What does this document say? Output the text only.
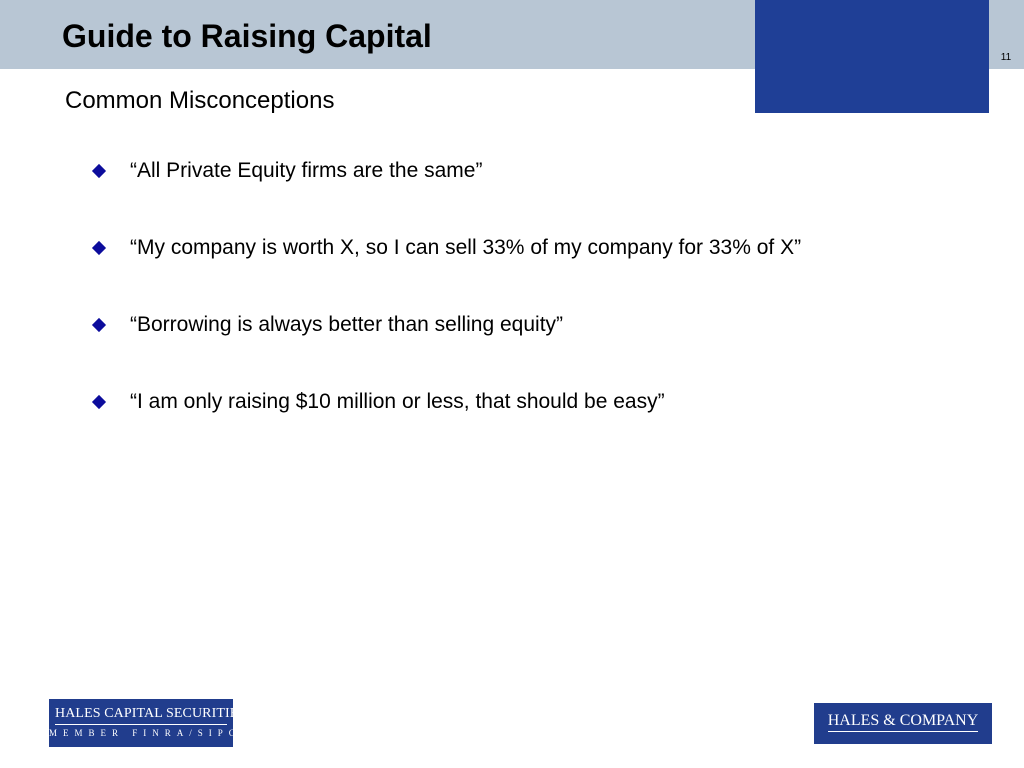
Guide to Raising Capital
11
Common Misconceptions
“All Private Equity firms are the same”
“My company is worth X, so I can sell 33% of my company for 33% of X”
“Borrowing is always better than selling equity”
“I am only raising $10 million or less, that should be easy”
HALES CAPITAL SECURITIES
MEMBER FINRA/SIPC
HALES & COMPANY
